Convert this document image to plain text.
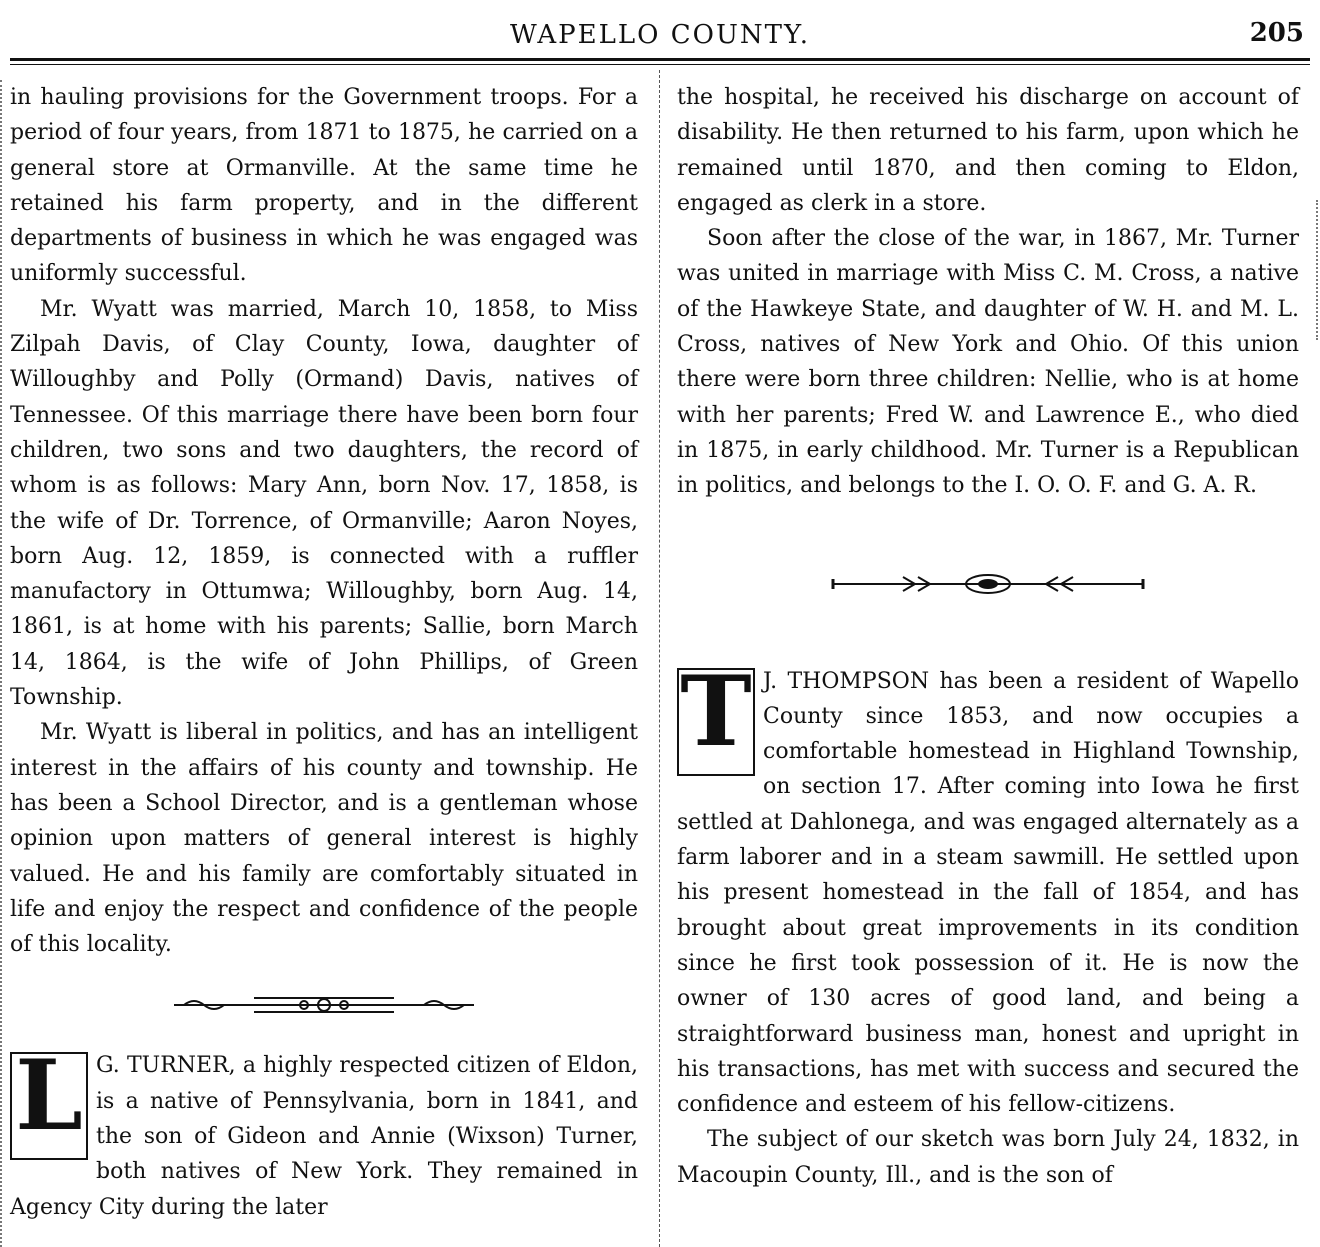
WAPELLO COUNTY.	205

in hauling provisions for the Government troops. For a period of four years, from 1871 to 1875, he carried on a general store at Ormanville. At the same time he retained his farm property, and in the different departments of business in which he was engaged was uniformly successful.

Mr. Wyatt was married, March 10, 1858, to Miss Zilpah Davis, of Clay County, Iowa, daughter of Willoughby and Polly (Ormand) Davis, natives of Tennessee. Of this marriage there have been born four children, two sons and two daughters, the record of whom is as follows: Mary Ann, born Nov. 17, 1858, is the wife of Dr. Torrence, of Ormanville; Aaron Noyes, born Aug. 12, 1859, is connected with a ruffler manufactory in Ottumwa; Willoughby, born Aug. 14, 1861, is at home with his parents; Sallie, born March 14, 1864, is the wife of John Phillips, of Green Township.

Mr. Wyatt is liberal in politics, and has an intelligent interest in the affairs of his county and township. He has been a School Director, and is a gentleman whose opinion upon matters of general interest is highly valued. He and his family are comfortably situated in life and enjoy the respect and confidence of the people of this locality.

L G. TURNER, a highly respected citizen of Eldon, is a native of Pennsylvania, born in 1841, and the son of Gideon and Annie (Wixson) Turner, both natives of New York. They remained in Agency City during the later

the hospital, he received his discharge on account of disability. He then returned to his farm, upon which he remained until 1870, and then coming to Eldon, engaged as clerk in a store.

Soon after the close of the war, in 1867, Mr. Turner was united in marriage with Miss C. M. Cross, a native of the Hawkeye State, and daughter of W. H. and M. L. Cross, natives of New York and Ohio. Of this union there were born three children: Nellie, who is at home with her parents; Fred W. and Lawrence E., who died in 1875, in early childhood. Mr. Turner is a Republican in politics, and belongs to the I. O. O. F. and G. A. R.

T J. THOMPSON has been a resident of Wapello County since 1853, and now occupies a comfortable homestead in Highland Township, on section 17. After coming into Iowa he first settled at Dahlonega, and was engaged alternately as a farm laborer and in a steam sawmill. He settled upon his present homestead in the fall of 1854, and has brought about great improvements in its condition since he first took possession of it. He is now the owner of 130 acres of good land, and being a straightforward business man, honest and upright in his transactions, has met with success and secured the confidence and esteem of his fellow-citizens.

The subject of our sketch was born July 24, 1832, in Macoupin County, Ill., and is the son of
